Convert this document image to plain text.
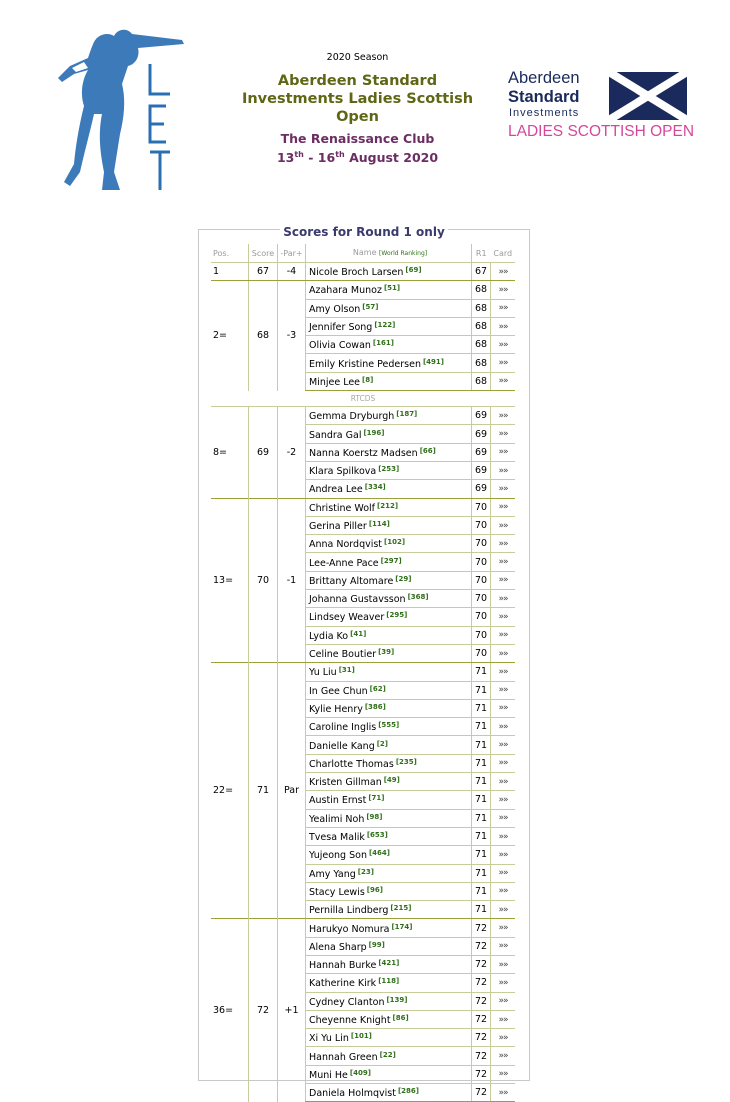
2020 Season
Aberdeen Standard Investments Ladies Scottish Open
The Renaissance Club
13th - 16th August 2020
Aberdeen
Standard
Investments
LADIES SCOTTISH OPEN
Scores for Round 1 only
Pos.	Score	-Par+	Name [World Ranking]	R1	Card
1	67	-4	Nicole Broch Larsen [69]	67	»»
2=	68	-3	Azahara Munoz [51]	68	»»
			Amy Olson [57]	68	»»
			Jennifer Song [122]	68	»»
			Olivia Cowan [161]	68	»»
			Emily Kristine Pedersen [491]	68	»»
			Minjee Lee [8]	68	»»
RTCDS					
8=	69	-2	Gemma Dryburgh [187]	69	»»
			Sandra Gal [196]	69	»»
			Nanna Koerstz Madsen [66]	69	»»
			Klara Spilkova [253]	69	»»
			Andrea Lee [334]	69	»»
13=	70	-1	Christine Wolf [212]	70	»»
			Gerina Piller [114]	70	»»
			Anna Nordqvist [102]	70	»»
			Lee-Anne Pace [297]	70	»»
			Brittany Altomare [29]	70	»»
			Johanna Gustavsson [368]	70	»»
			Lindsey Weaver [295]	70	»»
			Lydia Ko [41]	70	»»
			Celine Boutier [39]	70	»»
22=	71	Par	Yu Liu [31]	71	»»
			In Gee Chun [62]	71	»»
			Kylie Henry [386]	71	»»
			Caroline Inglis [555]	71	»»
			Danielle Kang [2]	71	»»
			Charlotte Thomas [235]	71	»»
			Kristen Gillman [49]	71	»»
			Austin Ernst [71]	71	»»
			Yealimi Noh [98]	71	»»
			Tvesa Malik [653]	71	»»
			Yujeong Son [464]	71	»»
			Amy Yang [23]	71	»»
			Stacy Lewis [96]	71	»»
			Pernilla Lindberg [215]	71	»»
36=	72	+1	Harukyo Nomura [174]	72	»»
			Alena Sharp [99]	72	»»
			Hannah Burke [421]	72	»»
			Katherine Kirk [118]	72	»»
			Cydney Clanton [139]	72	»»
			Cheyenne Knight [86]	72	»»
			Xi Yu Lin [101]	72	»»
			Hannah Green [22]	72	»»
			Muni He [409]	72	»»
			Daniela Holmqvist [286]	72	»»
